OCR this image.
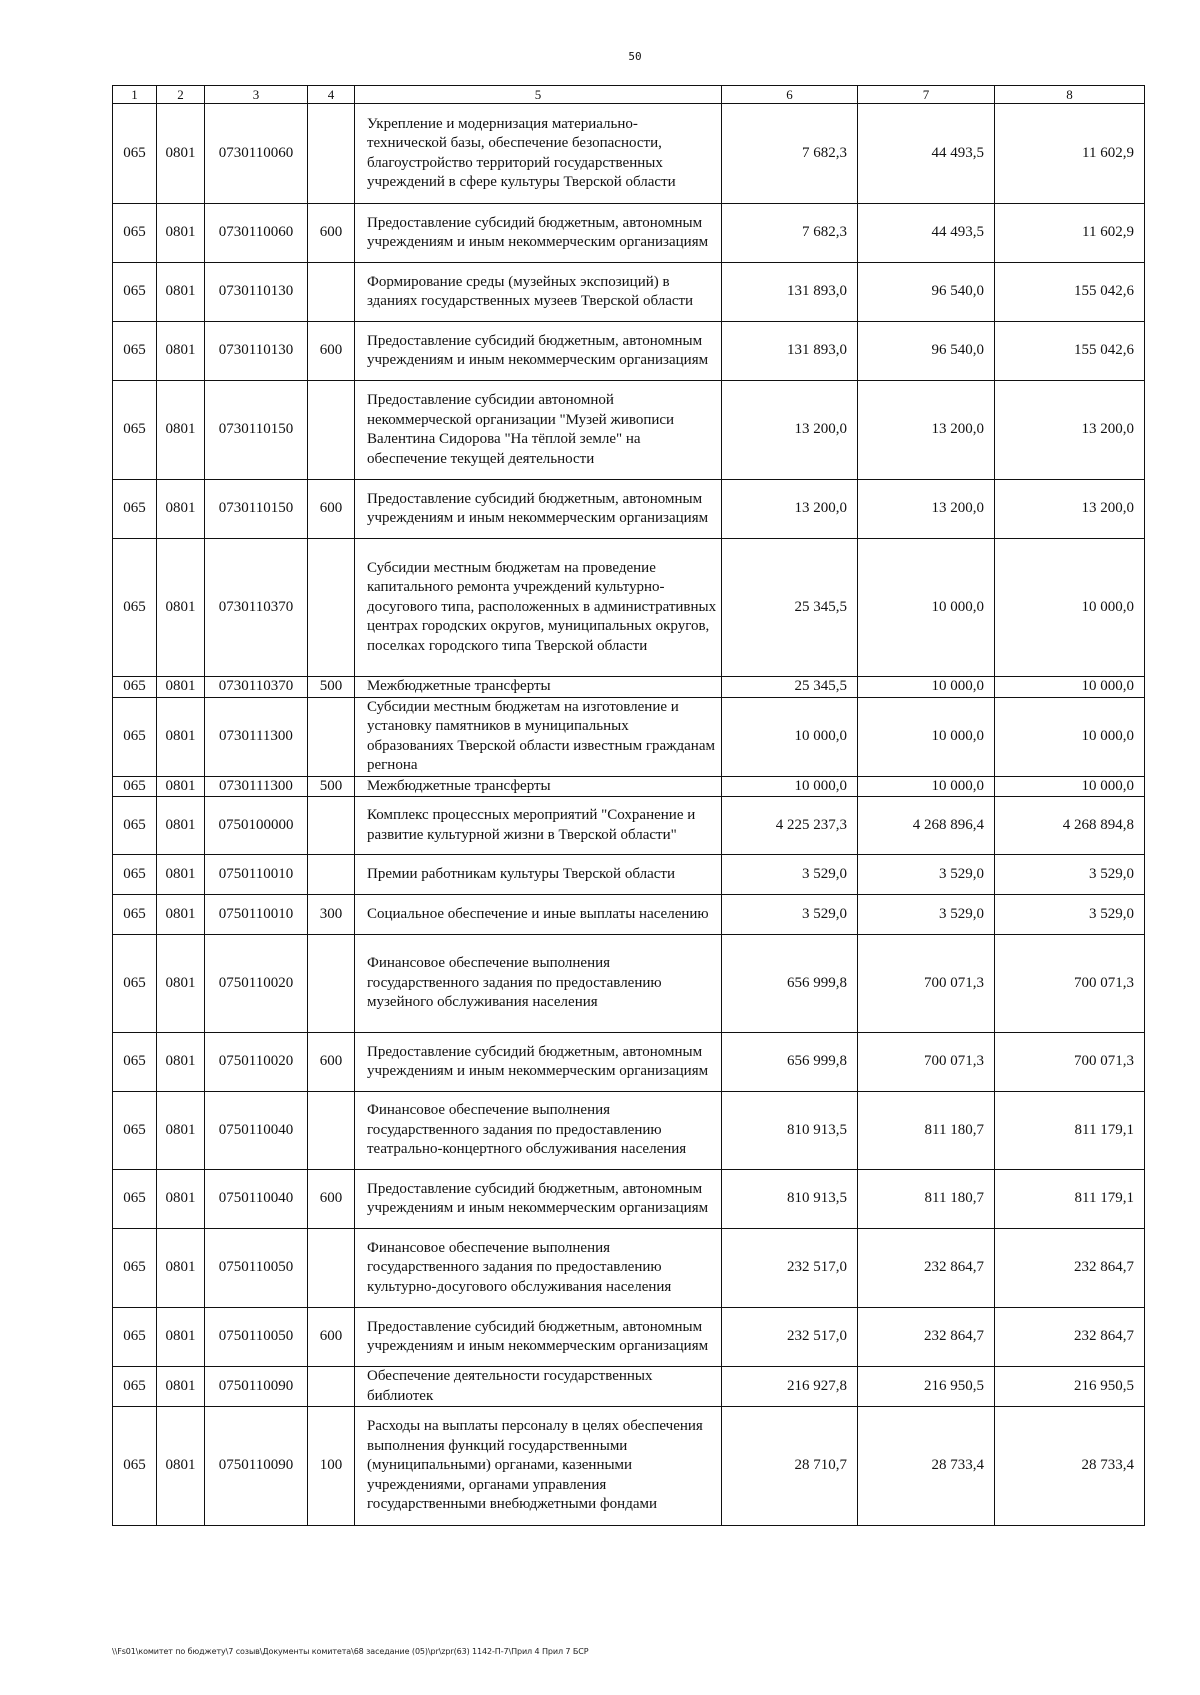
50
1	2	3	4	5	6	7	8
065	0801	0730110060		Укрепление и модернизация материально-технической базы, обеспечение безопасности, благоустройство территорий государственных учреждений в сфере культуры Тверской области	7 682,3	44 493,5	11 602,9
065	0801	0730110060	600	Предоставление субсидий бюджетным, автономным учреждениям и иным некоммерческим организациям	7 682,3	44 493,5	11 602,9
065	0801	0730110130		Формирование среды (музейных экспозиций) в зданиях государственных музеев Тверской области	131 893,0	96 540,0	155 042,6
065	0801	0730110130	600	Предоставление субсидий бюджетным, автономным учреждениям и иным некоммерческим организациям	131 893,0	96 540,0	155 042,6
065	0801	0730110150		Предоставление субсидии автономной некоммерческой организации "Музей живописи Валентина Сидорова "На тёплой земле" на обеспечение текущей деятельности	13 200,0	13 200,0	13 200,0
065	0801	0730110150	600	Предоставление субсидий бюджетным, автономным учреждениям и иным некоммерческим организациям	13 200,0	13 200,0	13 200,0
065	0801	0730110370		Субсидии местным бюджетам на проведение капитального ремонта учреждений культурно-досугового типа, расположенных в административных центрах городских округов, муниципальных округов, поселках городского типа Тверской области	25 345,5	10 000,0	10 000,0
065	0801	0730110370	500	Межбюджетные трансферты	25 345,5	10 000,0	10 000,0
065	0801	0730111300		Субсидии местным бюджетам на изготовление и установку памятников в муниципальных образованиях Тверской области известным гражданам регнона	10 000,0	10 000,0	10 000,0
065	0801	0730111300	500	Межбюджетные трансферты	10 000,0	10 000,0	10 000,0
065	0801	0750100000		Комплекс процессных мероприятий "Сохранение и развитие культурной жизни в Тверской области"	4 225 237,3	4 268 896,4	4 268 894,8
065	0801	0750110010		Премии работникам культуры Тверской области	3 529,0	3 529,0	3 529,0
065	0801	0750110010	300	Социальное обеспечение и иные выплаты населению	3 529,0	3 529,0	3 529,0
065	0801	0750110020		Финансовое обеспечение выполнения государственного задания по предоставлению музейного обслуживания населения	656 999,8	700 071,3	700 071,3
065	0801	0750110020	600	Предоставление субсидий бюджетным, автономным учреждениям и иным некоммерческим организациям	656 999,8	700 071,3	700 071,3
065	0801	0750110040		Финансовое обеспечение выполнения государственного задания по предоставлению театрально-концертного обслуживания населения	810 913,5	811 180,7	811 179,1
065	0801	0750110040	600	Предоставление субсидий бюджетным, автономным учреждениям и иным некоммерческим организациям	810 913,5	811 180,7	811 179,1
065	0801	0750110050		Финансовое обеспечение выполнения государственного задания по предоставлению культурно-досугового обслуживания населения	232 517,0	232 864,7	232 864,7
065	0801	0750110050	600	Предоставление субсидий бюджетным, автономным учреждениям и иным некоммерческим организациям	232 517,0	232 864,7	232 864,7
065	0801	0750110090		Обеспечение деятельности государственных библиотек	216 927,8	216 950,5	216 950,5
065	0801	0750110090	100	Расходы на выплаты персоналу в целях обеспечения выполнения функций государственными (муниципальными) органами, казенными учреждениями, органами управления государственными внебюджетными фондами	28 710,7	28 733,4	28 733,4
\\Fs01\комитет по бюджету\7 созыв\Документы комитета\68 заседание (05)\pr\zpr(63) 1142-П-7\Прил 4 Прил 7 БСР
